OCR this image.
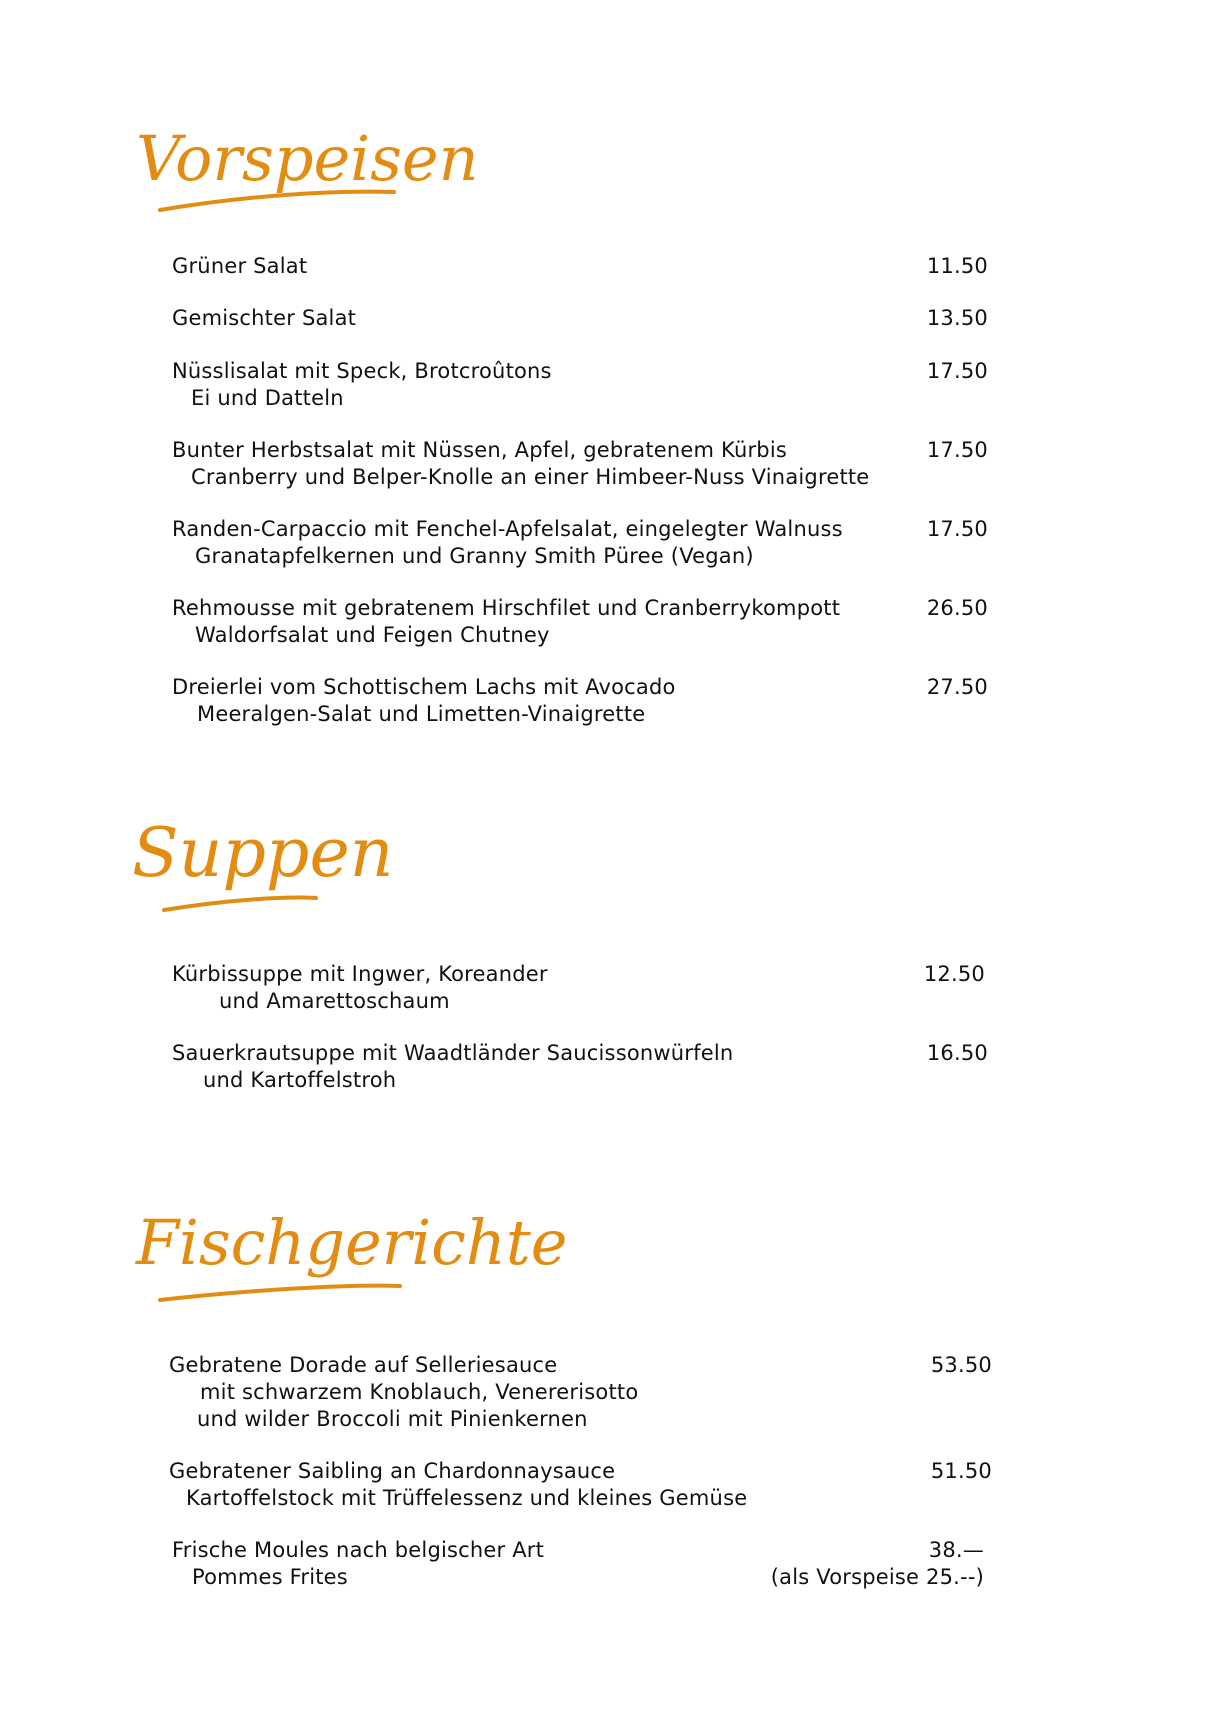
Vorspeisen
Grüner Salat	11.50
Gemischter Salat	13.50
Nüsslisalat mit Speck, Brotcroûtons
Ei und Datteln
17.50
Bunter Herbstsalat mit Nüssen, Apfel, gebratenem Kürbis
Cranberry und Belper-Knolle an einer Himbeer-Nuss Vinaigrette
17.50
Randen-Carpaccio mit Fenchel-Apfelsalat, eingelegter Walnuss
Granatapfelkernen und Granny Smith Püree (Vegan)
17.50
Rehmousse mit gebratenem Hirschfilet und Cranberrykompott
Waldorfsalat und Feigen Chutney
26.50
Dreierlei vom Schottischem Lachs mit Avocado
Meeralgen-Salat und Limetten-Vinaigrette
27.50
Suppen
Kürbissuppe mit Ingwer, Koreander
und Amarettoschaum
12.50
Sauerkrautsuppe mit Waadtländer Saucissonwürfeln
und Kartoffelstroh
16.50
Fischgerichte
Gebratene Dorade auf Selleriesauce
mit schwarzem Knoblauch, Venererisotto
und wilder Broccoli mit Pinienkernen
53.50
Gebratener Saibling an Chardonnaysauce
Kartoffelstock mit Trüffelessenz und kleines Gemüse
51.50
Frische Moules nach belgischer Art
Pommes Frites
38.—
(als Vorspeise 25.--)
